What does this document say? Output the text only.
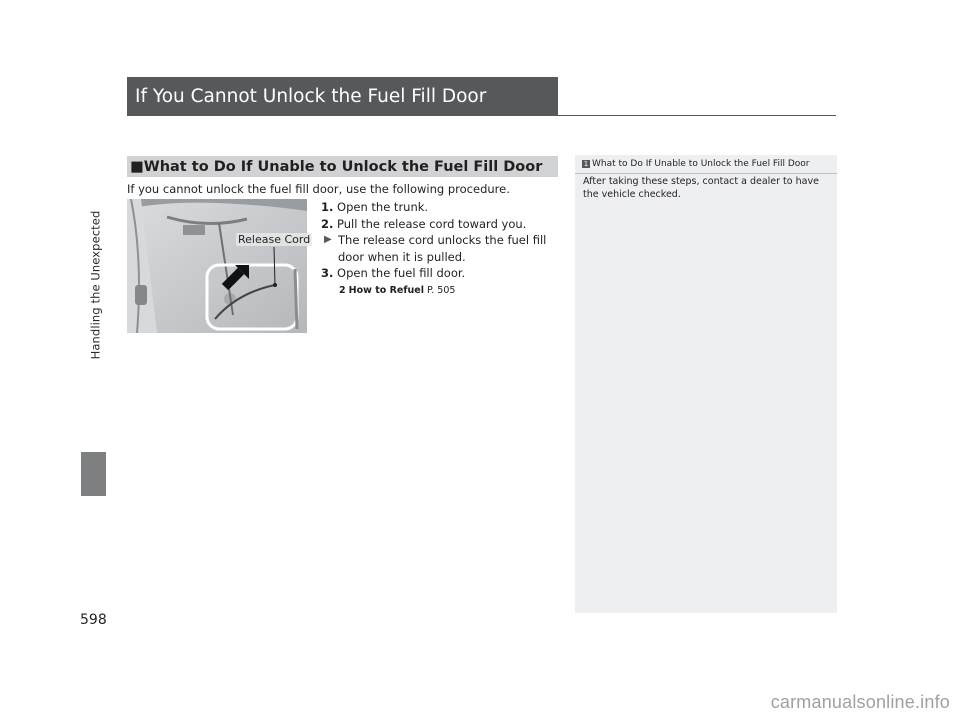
Handling the Unexpected
598
If You Cannot Unlock the Fuel Fill Door
■ What to Do If Unable to Unlock the Fuel Fill Door
If you cannot unlock the fuel fill door, use the following procedure.
Release Cord
1. Open the trunk.
2. Pull the release cord toward you.
▶ The release cord unlocks the fuel fill door when it is pulled.
3. Open the fuel fill door.
2 How to Refuel P. 505
1 What to Do If Unable to Unlock the Fuel Fill Door
After taking these steps, contact a dealer to have the vehicle checked.
carmanualsonline.info
